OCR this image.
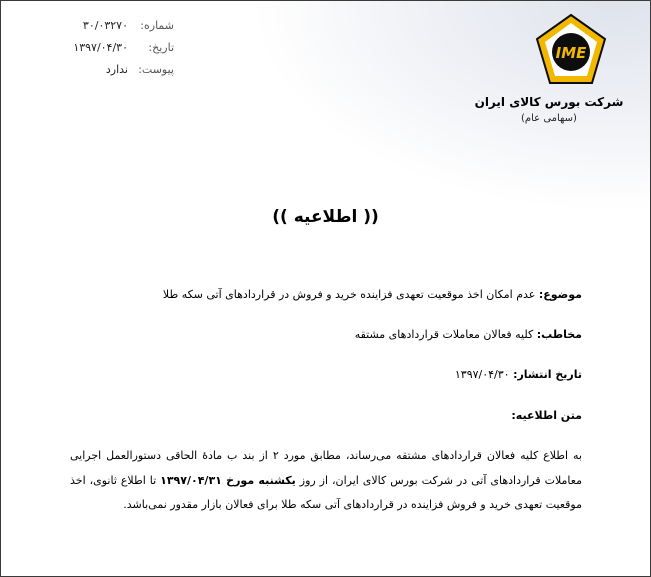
شماره:
۳۰/۰۳۲۷۰
تاریخ:
۱۳۹۷/۰۴/۳۰
پیوست:
ندارد
IME
شرکت بورس کالای ایران
(سهامی عام)
(( اطلاعیه ))
موضوع: عدم امکان اخذ موقعیت تعهدی فزاینده خرید و فروش در قراردادهای آتی سکه طلا
مخاطب: کلیه فعالان معاملات قراردادهای مشتقه
تاریخ انتشار: ۱۳۹۷/۰۴/۳۰
متن اطلاعیه:
به اطلاع کلیه فعالان قراردادهای مشتقه می‌رساند، مطابق مورد ۲ از بند ب مادهٔ الحاقی دستورالعمل اجرایی معاملات قراردادهای آتی در شرکت بورس کالای ایران، از روز یکشنبه مورخ ۱۳۹۷/۰۴/۳۱ تا اطلاع ثانوی، اخذ موقعیت تعهدی خرید و فروش فزاینده در قراردادهای آتی سکه طلا برای فعالان بازار مقدور نمی‌باشد.
